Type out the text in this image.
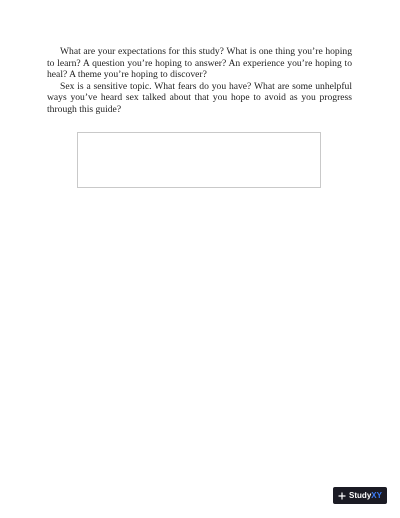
What are your expectations for this study? What is one thing you’re hoping to learn? A question you’re hoping to answer? An experience you’re hoping to heal? A theme you’re hoping to discover?

Sex is a sensitive topic. What fears do you have? What are some unhelpful ways you’ve heard sex talked about that you hope to avoid as you progress through this guide?

StudyXY
